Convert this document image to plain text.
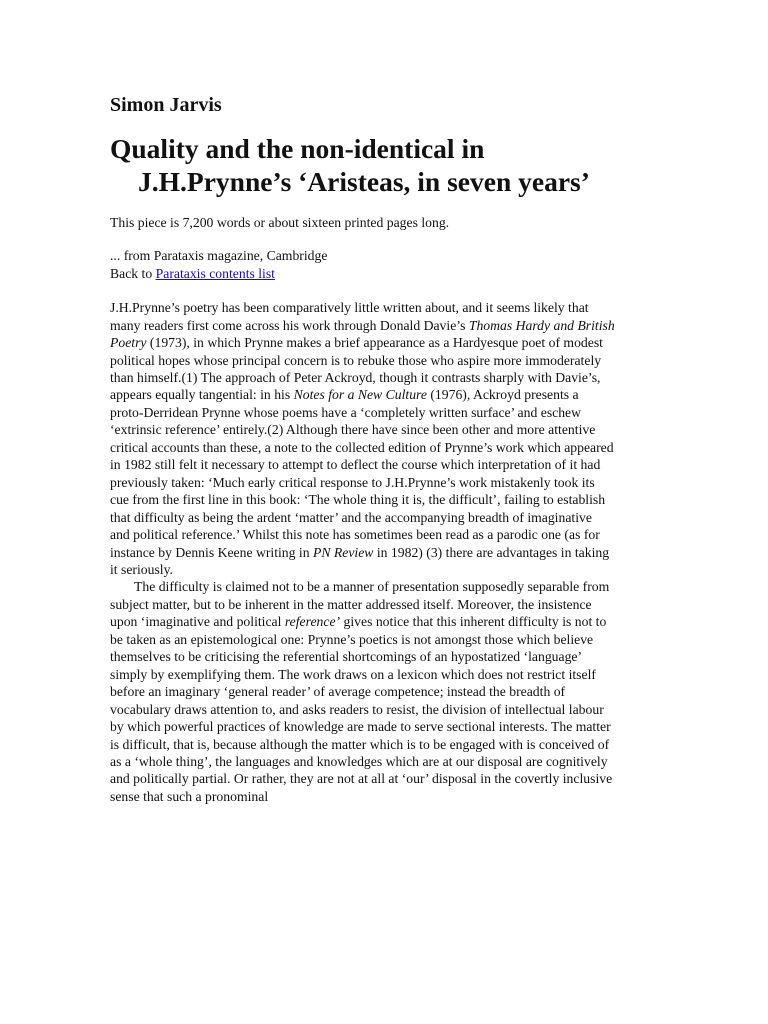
Simon Jarvis
Quality and the non-identical in J.H.Prynne’s ‘Aristeas, in seven years’

This piece is 7,200 words or about sixteen printed pages long.

... from Parataxis magazine, Cambridge
Back to Parataxis contents list

J.H.Prynne’s poetry has been comparatively little written about, and it seems likely that many readers first come across his work through Donald Davie’s Thomas Hardy and British Poetry (1973), in which Prynne makes a brief appearance as a Hardyesque poet of modest political hopes whose principal concern is to rebuke those who aspire more immoderately than himself.(1) The approach of Peter Ackroyd, though it contrasts sharply with Davie’s, appears equally tangential: in his Notes for a New Culture (1976), Ackroyd presents a proto-Derridean Prynne whose poems have a ‘completely written surface’ and eschew ‘extrinsic reference’ entirely.(2) Although there have since been other and more attentive critical accounts than these, a note to the collected edition of Prynne’s work which appeared in 1982 still felt it necessary to attempt to deflect the course which interpretation of it had previously taken: ‘Much early critical response to J.H.Prynne’s work mistakenly took its cue from the first line in this book: ‘The whole thing it is, the difficult’, failing to establish that difficulty as being the ardent ‘matter’ and the accompanying breadth of imaginative and political reference.’ Whilst this note has sometimes been read as a parodic one (as for instance by Dennis Keene writing in PN Review in 1982) (3) there are advantages in taking it seriously.

The difficulty is claimed not to be a manner of presentation supposedly separable from subject matter, but to be inherent in the matter addressed itself. Moreover, the insistence upon ‘imaginative and political reference’ gives notice that this inherent difficulty is not to be taken as an epistemological one: Prynne’s poetics is not amongst those which believe themselves to be criticising the referential shortcomings of an hypostatized ‘language’ simply by exemplifying them. The work draws on a lexicon which does not restrict itself before an imaginary ‘general reader’ of average competence; instead the breadth of vocabulary draws attention to, and asks readers to resist, the division of intellectual labour by which powerful practices of knowledge are made to serve sectional interests. The matter is difficult, that is, because although the matter which is to be engaged with is conceived of as a ‘whole thing’, the languages and knowledges which are at our disposal are cognitively and politically partial. Or rather, they are not at all at ‘our’ disposal in the covertly inclusive sense that such a pronominal
